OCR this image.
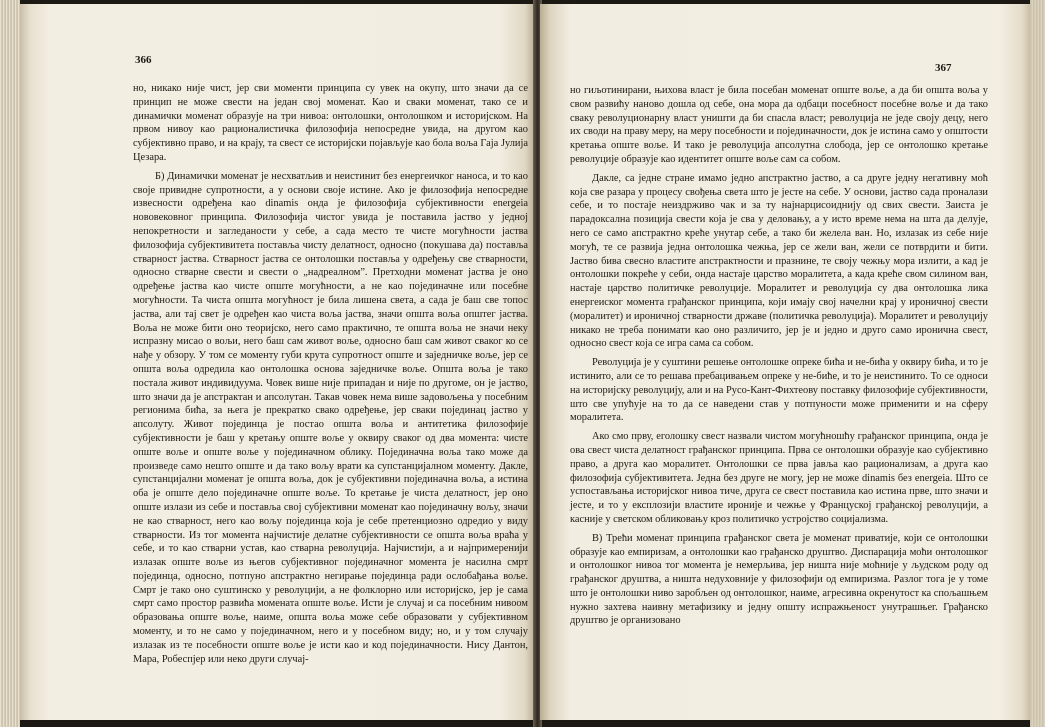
366

но, никако није чист, јер сви моменти принципа су увек на окупу, што значи да се принцип не може свести на један свој моменат. Као и сваки моменат, тако се и динамички моменат образује на три нивоа: онтолошки, онтолошком и историјском. На првом нивоу као рационалистичка филозофија непосредне увида, на другом као субјективно право, и на крају, та свест се историјски појављује као бола воља Гаја Јулија Цезара.

Б) Динамички моменат је несхватљив и неистинит без енергеичког наноса, и то као своје привидне супротности, а у основи своје истине. Ако је филозофија непосредне извесности одређена као dinamis онда је филозофија субјективности energeia нововековног принципа. Филозофија чистог увида је поставила јаство у једној непокретности и загледаности у себе, а сада место те чисте могућности јаства филозофија субјективитета поставља чисту делатност, односно (покушава да) поставља стварност јаства. Стварност јаства се онтолошки поставља у одређењу све стварности, односно стварне свести и свести о „надреалном”. Претходни моменат јаства је оно одређење јаства као чисте опште могућности, а не као појединачне или посебне могућности. Та чиста општа могућност је била лишена света, а сада је баш све топос јаства, али тај свет је одређен као чиста воља јаства, значи општа воља општег јаства. Воља не може бити оно теоријско, него само практично, те општа воља не значи неку испразну мисао о вољи, него баш сам живот воље, односно баш сам живот сваког ко се нађе у обзору. У том се моменту губи крута супротност опште и заједничке воље, јер се општа воља одредила као онтолошка основа заједничке воље. Општа воља је тако постала живот индивидуума. Човек више није припадан и није по другоме, он је јаство, што значи да је апстрактан и апсолутан. Такав човек нема више задовољења у посебним регионима бића, за њега је прекратко свако одређење, јер сваки појединац јаство у апсолуту. Живот појединца је постао општа воља и антитетика филозофије субјективности је баш у кретању опште воље у оквиру сваког од два момента: чисте опште воље и опште воље у појединачном облику. Појединачна воља тако може да произведе само нешто опште и да тако вољу врати ка супстанцијалном моменту. Дакле, супстанцијални моменат је општа воља, док је субјективни појединачна воља, а истина оба је опште дело појединачне опште воље. То кретање је чиста делатност, јер оно опште излази из себе и поставља свој субјективни моменат као појединачну вољу, значи не као стварност, него као вољу појединца која је себе претенциозно одредио у виду стварности. Из тог момента најчистије делатне субјективности се општа воља враћа у себе, и то као стварни устав, као стварна револуција. Најчистији, а и најпримеренији излазак опште воље из његов субјективног појединачног момента је насилна смрт појединца, односно, потпуно апстрактно негирање појединца ради ослобађања воље. Смрт је тако оно суштинско у револуцији, а не фолклорно или историјско, јер је сама смрт само простор развића момената опште воље. Исти је случај и са посебним нивоом образовања опште воље, наиме, општа воља може себе образовати у субјективном моменту, и то не само у појединачном, него и у посебном виду; но, и у том случају излазак из те посебности опште воље је исти као и код појединачности. Нису Дантон, Мара, Робеспјер или неко други случај-

367

но гиљотинирани, њихова власт је била посебан моменат опште воље, а да би општа воља у свом развићу наново дошла од себе, она мора да одбаци посебност посебне воље и да тако сваку револуционарну власт уништи да би спасла власт; револуција не једе своју децу, него их своди на праву меру, на меру посебности и појединачности, док је истина само у општости кретања опште воље. И тако је револуција апсолутна слобода, јер се онтолошко кретање револуције образује као идентитет опште воље сам са собом.

Дакле, са једне стране имамо једно апстрактно јаство, а са друге једну негативну моћ која све разара у процесу свођења света што је јесте на себе. У основи, јаство сада проналази себе, и то постаје неиздрживо чак и за ту најнарцисоиднију од свих свести. Заиста је парадоксална позиција свести која је сва у деловању, а у исто време нема на шта да делује, него се само апстрактно креће унутар себе, а тако би желела ван. Но, излазак из себе није могућ, те се развија једна онтолошка чежња, јер се жели ван, жели се потврдити и бити. Јаство бива свесно властите апстрактности и празнине, те своју чежњу мора излити, а кад је онтолошки покреће у себи, онда настаје царство моралитета, а када креће свом силином ван, настаје царство политичке револуције. Моралитет и револуција су два онтолошка лика енергеиског момента грађанског принципа, који имају свој начелни крај у ироничној свести (моралитет) и ироничној стварности државе (политичка револуција). Моралитет и револуцију никако не треба понимати као оно различито, јер је и једно и друго само иронична свест, односно свест која се игра сама са собом.

Револуција је у суштини решење онтолошке опреке бића и не-бића у оквиру бића, и то је истинито, али се то решава пребацивањем опреке у не-биће, и то је неистинито. То се односи на историјску револуцију, али и на Русо-Кант-Фихтеову поставку филозофије субјективности, што све упућује на то да се наведени став у потпуности може применити и на сферу моралитета.

Ако смо прву, еголошку свест назвали чистом могућношћу грађанског принципа, онда је ова свест чиста делатност грађанског принципа. Прва се онтолошки образује као субјективно право, а друга као моралитет. Онтолошки се прва јавља као рационализам, а друга као филозофија субјективитета. Једна без друге не могу, јер не може dinamis без energeia. Што се успостављања историјског нивоа тиче, друга се свест поставила као истина прве, што значи и јесте, и то у експлозији властите ироније и чежње у Француској грађанској револуцији, а касније у светском обликовању кроз политичко устројство социјализма.

В) Трећи моменат принципа грађанског света је моменат приватије, који се онтолошки образује као емпиризам, а онтолошки као грађанско друштво. Диспарација моћи онтолошког и онтолошког нивоа тог момента је немерљива, јер ништа није моћније у људском роду од грађанског друштва, а ништа недуховније у филозофији од емпиризма. Разлог тога је у томе што је онтолошки ниво заробљен од онтолошког, наиме, агресивна окренутост ка спољашњем нужно захтева наивну метафизику и једну општу испражњеност унутрашњег. Грађанско друштво је организовано
